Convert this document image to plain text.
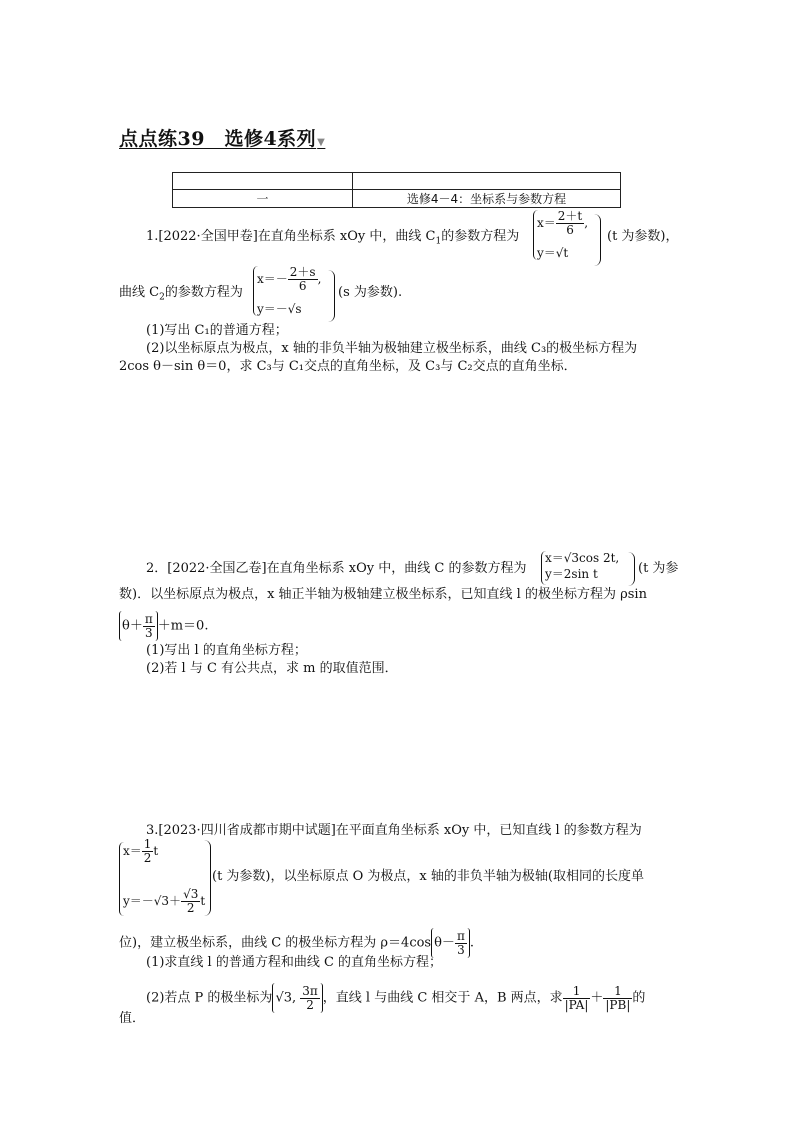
点点练39　选修4系列▼

一	选修4－4：坐标系与参数方程
1.[2022·全国甲卷]在直角坐标系 xOy 中，曲线 $C_1$的参数方程为
$x= \frac{2+t}{6}$ ,
y＝√t
(t 为参数)，
曲线 $C_2$的参数方程为
$x=- \frac{2+s}{6}$ ,
y＝－√s
(s 为参数).
(1)写出 C₁的普通方程；
(2)以坐标原点为极点，x 轴的非负半轴为极轴建立极坐标系，曲线 C₃的极坐标方程为
2cos θ－sin θ＝0，求 C₃与 C₁交点的直角坐标，及 C₃与 C₂交点的直角坐标．
2．[2022·全国乙卷]在直角坐标系 xOy 中，曲线 C 的参数方程为
x＝√3cos 2t,
y＝2sin t	(t 为参
数)．以坐标原点为极点，x 轴正半轴为极轴建立极坐标系，已知直线 l 的极坐标方程为 ρsin
$\theta+ \frac{\pi}{3} +m=0$.
(1)写出 l 的直角坐标方程；
(2)若 l 与 C 有公共点，求 m 的取值范围．
3.[2023·四川省成都市期中试题]在平面直角坐标系 xOy 中，已知直线 l 的参数方程为
$x= \frac{1}{2}$ t
$y=-√3+ \frac{√3}{2}$ t
(t 为参数)，以坐标原点 O 为极点，x 轴的非负半轴为极轴(取相同的长度单
位)，建立极坐标系，曲线 C 的极坐标方程为 ρ＝4cos $\theta- \frac{\pi}{3}$ .
(1)求直线 l 的普通方程和曲线 C 的直角坐标方程；
(2)若点 P 的极坐标为 √3, $\frac{3\pi}{2}$ ，直线 l 与曲线 C 相交于 A，B 两点，求 $\frac{1}{|PA|} + \frac{1}{|PB|}$ 的
值．
